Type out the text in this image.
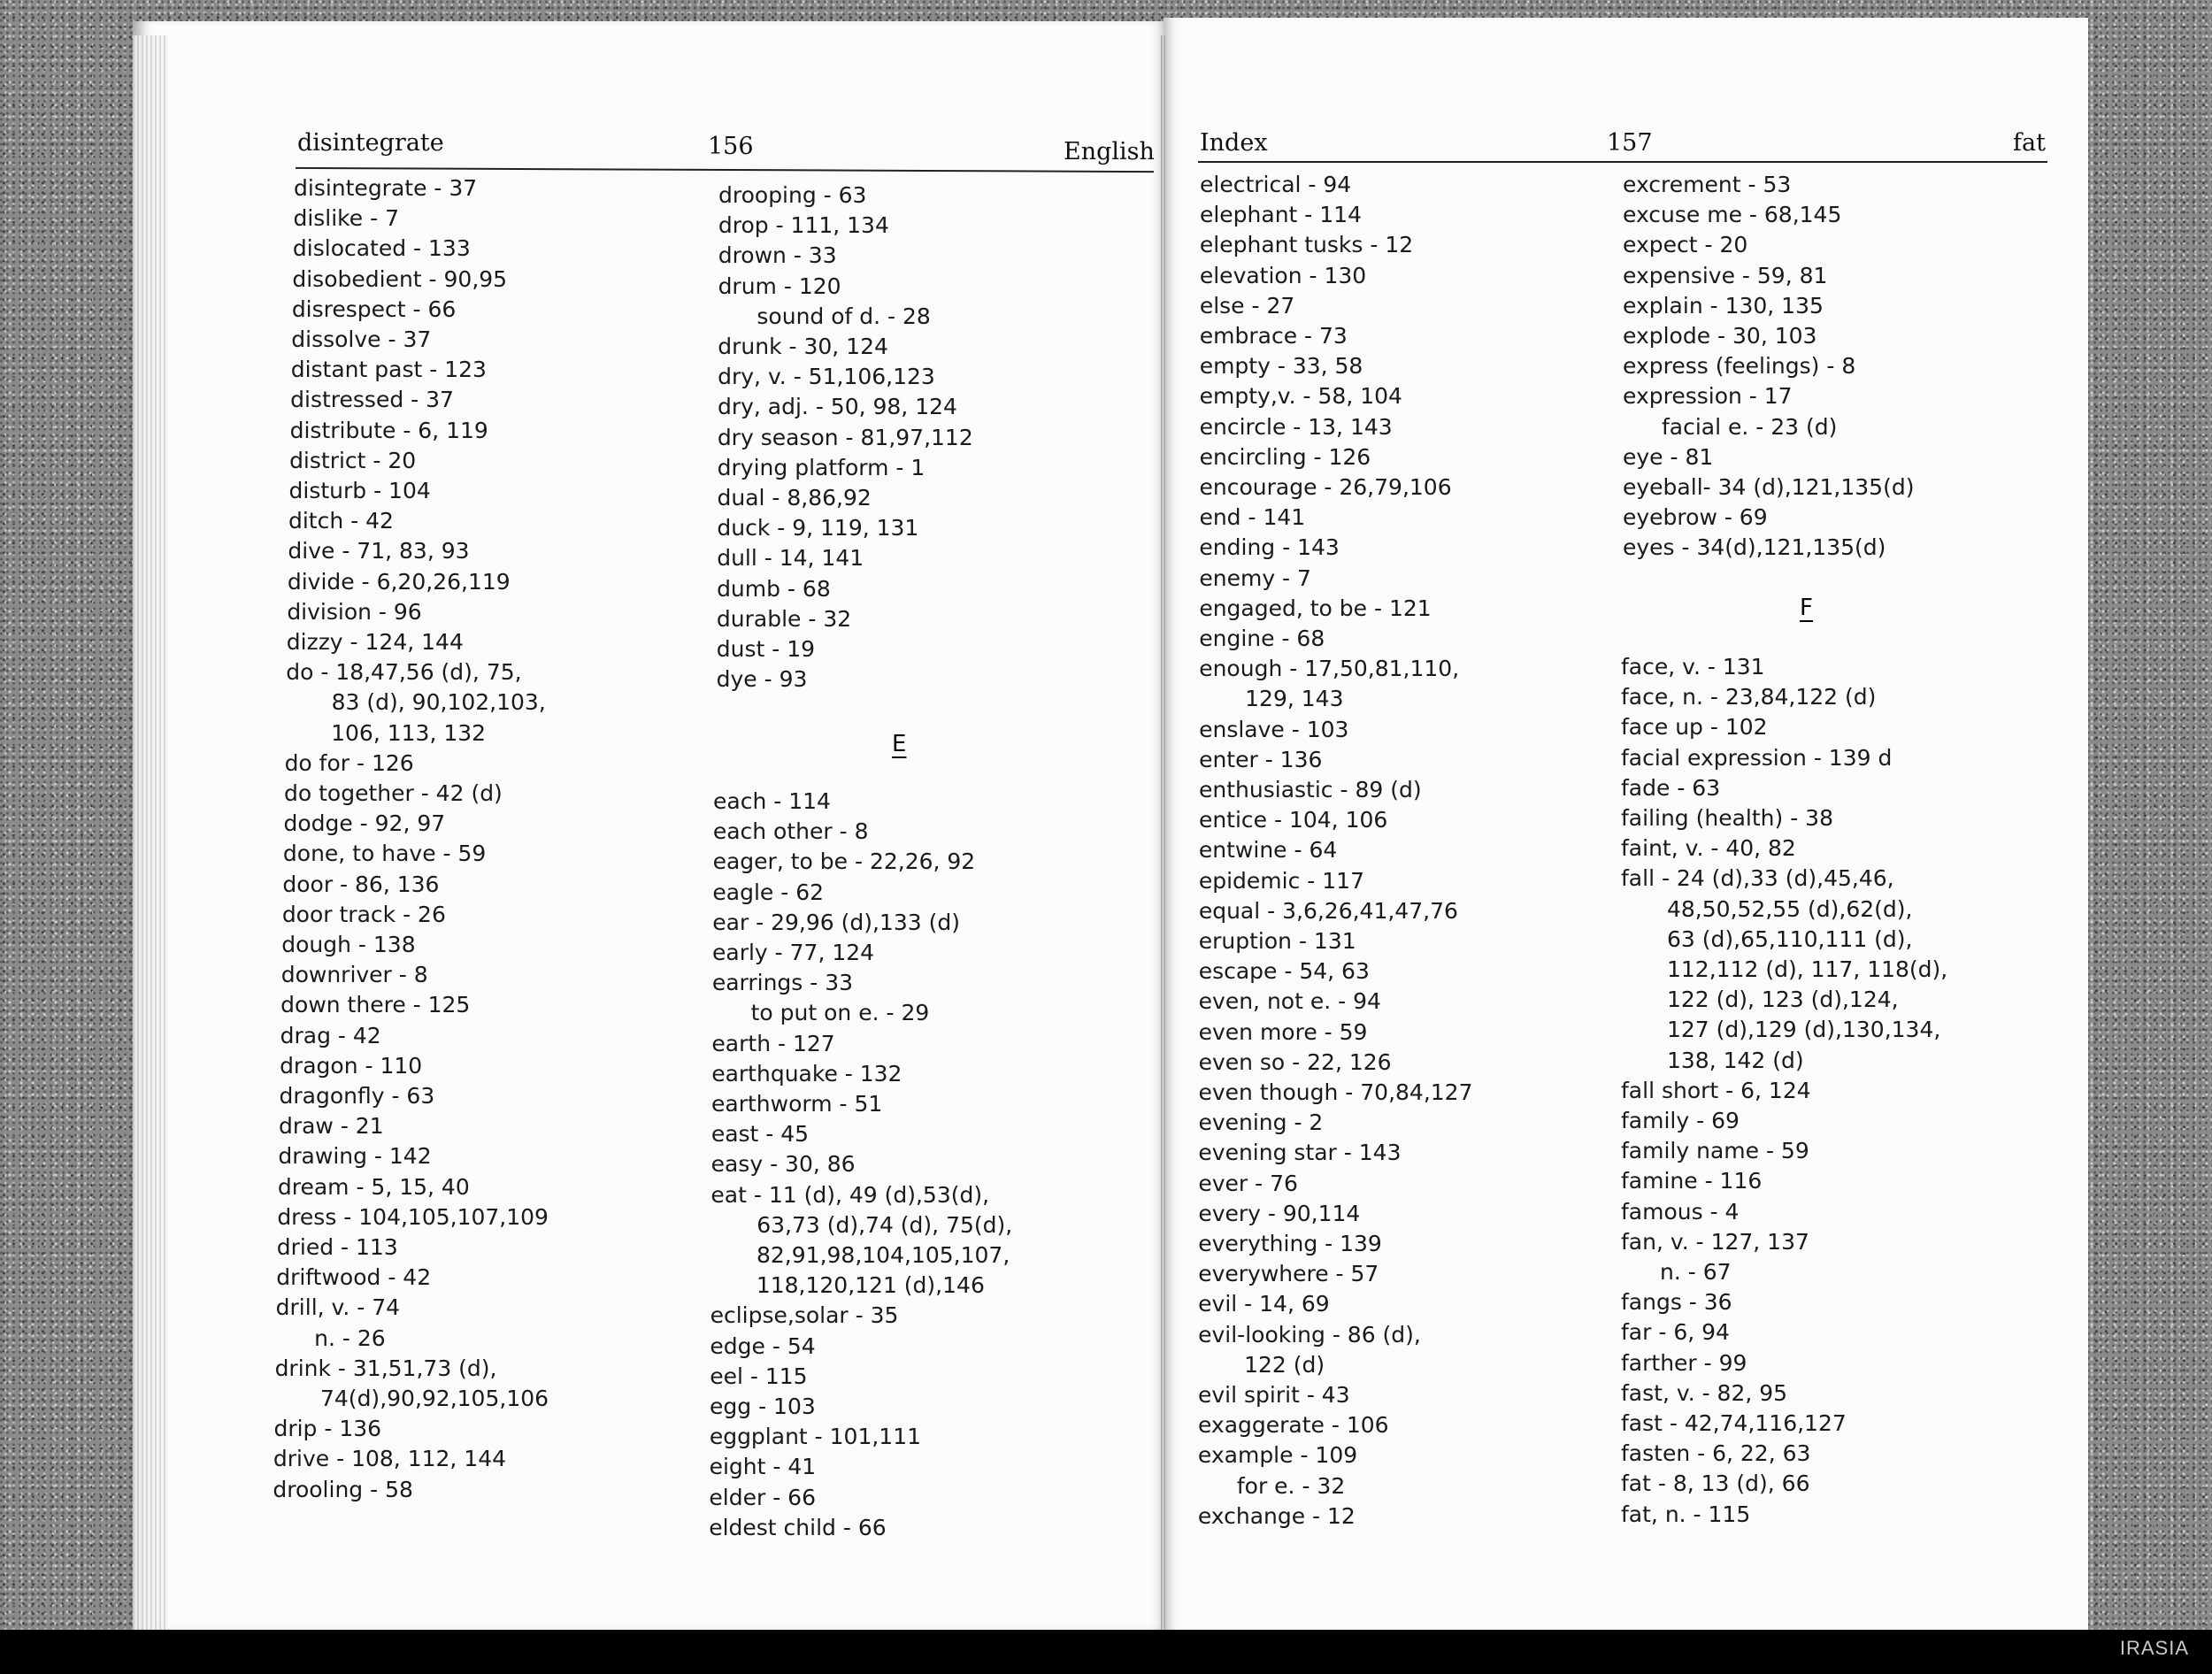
IRASIA
disintegrate	156	English Index	157	fat
disintegrate - 37
dislike - 7
dislocated - 133
disobedient - 90,95
disrespect - 66
dissolve - 37
distant past - 123
distressed - 37
distribute - 6, 119
district - 20
disturb - 104
ditch - 42
dive - 71, 83, 93
divide - 6,20,26,119
division - 96
dizzy - 124, 144
do - 18,47,56 (d), 75,
83 (d), 90,102,103,
106, 113, 132
do for - 126
do together - 42 (d)
dodge - 92, 97
done, to have - 59
door - 86, 136
door track - 26
dough - 138
downriver - 8
down there - 125
drag - 42
dragon - 110
dragonfly - 63
draw - 21
drawing - 142
dream - 5, 15, 40
dress - 104,105,107,109
dried - 113
driftwood - 42
drill, v. - 74
n. - 26
drink - 31,51,73 (d),
74(d),90,92,105,106
drip - 136
drive - 108, 112, 144
drooling - 58
drooping - 63
drop - 111, 134
drown - 33
drum - 120
sound of d. - 28
drunk - 30, 124
dry, v. - 51,106,123
dry, adj. - 50, 98, 124
dry season - 81,97,112
drying platform - 1
dual - 8,86,92
duck - 9, 119, 131
dull - 14, 141
dumb - 68
durable - 32
dust - 19
dye - 93
E
each - 114
each other - 8
eager, to be - 22,26, 92
eagle - 62
ear - 29,96 (d),133 (d)
early - 77, 124
earrings - 33
to put on e. - 29
earth - 127
earthquake - 132
earthworm - 51
east - 45
easy - 30, 86
eat - 11 (d), 49 (d),53(d),
63,73 (d),74 (d), 75(d),
82,91,98,104,105,107,
118,120,121 (d),146
eclipse,solar - 35
edge - 54
eel - 115
egg - 103
eggplant - 101,111
eight - 41
elder - 66
eldest child - 66
electrical - 94
elephant - 114
elephant tusks - 12
elevation - 130
else - 27
embrace - 73
empty - 33, 58
empty,v. - 58, 104
encircle - 13, 143
encircling - 126
encourage - 26,79,106
end - 141
ending - 143
enemy - 7
engaged, to be - 121
engine - 68
enough - 17,50,81,110,
129, 143
enslave - 103
enter - 136
enthusiastic - 89 (d)
entice - 104, 106
entwine - 64
epidemic - 117
equal - 3,6,26,41,47,76
eruption - 131
escape - 54, 63
even, not e. - 94
even more - 59
even so - 22, 126
even though - 70,84,127
evening - 2
evening star - 143
ever - 76
every - 90,114
everything - 139
everywhere - 57
evil - 14, 69
evil-looking - 86 (d),
122 (d)
evil spirit - 43
exaggerate - 106
example - 109
for e. - 32
exchange - 12
excrement - 53
excuse me - 68,145
expect - 20
expensive - 59, 81
explain - 130, 135
explode - 30, 103
express (feelings) - 8
expression - 17
facial e. - 23 (d)
eye - 81
eyeball- 34 (d),121,135(d)
eyebrow - 69
eyes - 34(d),121,135(d)
F
face, v. - 131
face, n. - 23,84,122 (d)
face up - 102
facial expression - 139 d
fade - 63
failing (health) - 38
faint, v. - 40, 82
fall - 24 (d),33 (d),45,46,
48,50,52,55 (d),62(d),
63 (d),65,110,111 (d),
112,112 (d), 117, 118(d),
122 (d), 123 (d),124,
127 (d),129 (d),130,134,
138, 142 (d)
fall short - 6, 124
family - 69
family name - 59
famine - 116
famous - 4
fan, v. - 127, 137
n. - 67
fangs - 36
far - 6, 94
farther - 99
fast, v. - 82, 95
fast - 42,74,116,127
fasten - 6, 22, 63
fat - 8, 13 (d), 66
fat, n. - 115
